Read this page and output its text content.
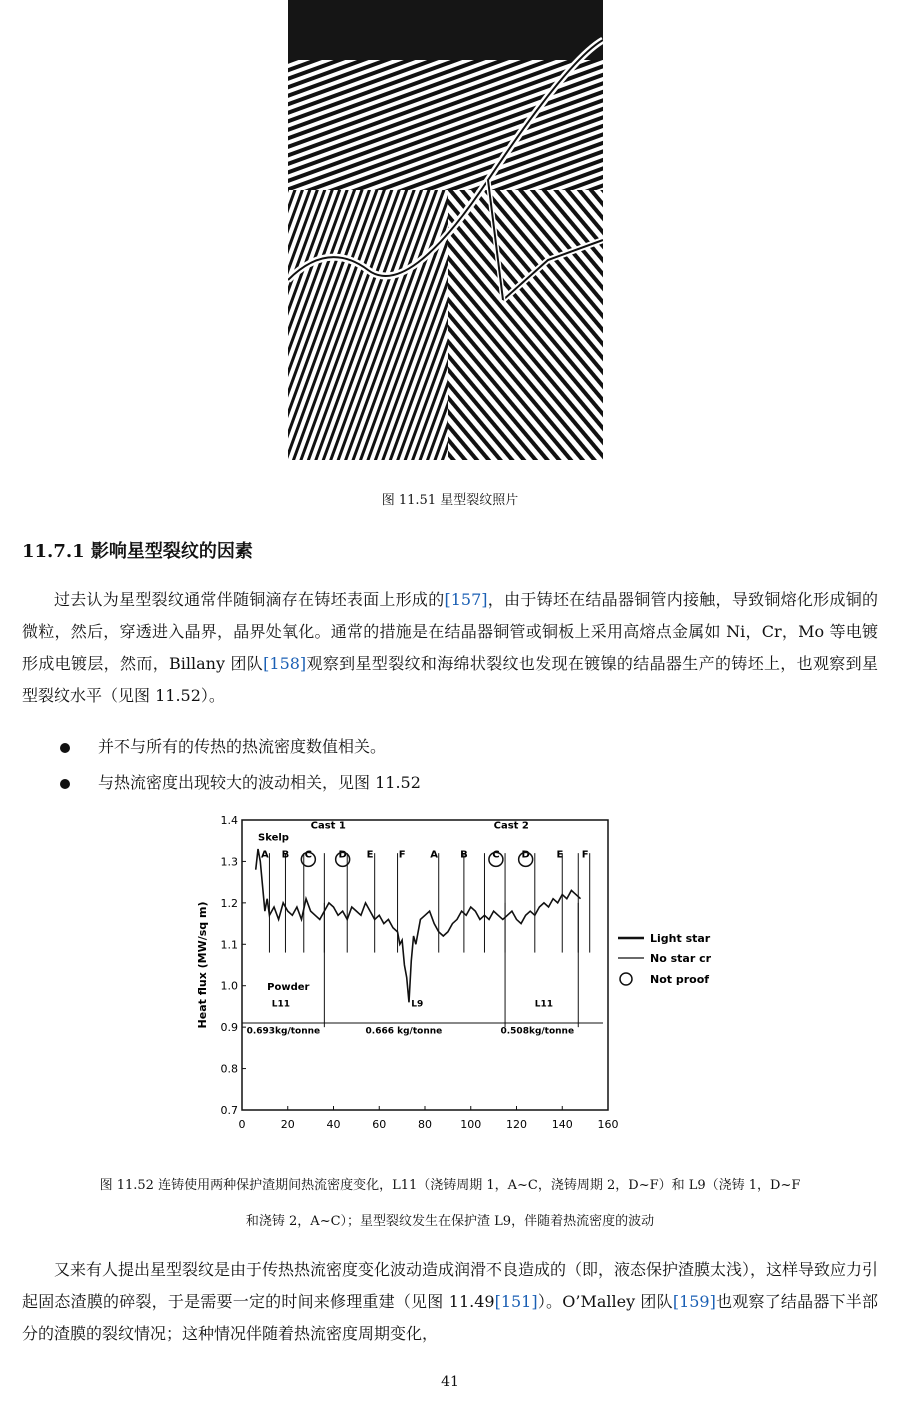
图 11.51 星型裂纹照片
11.7.1 影响星型裂纹的因素
过去认为星型裂纹通常伴随铜滴存在铸坯表面上形成的[157]，由于铸坯在结晶器铜管内接触，导致铜熔化形成铜的微粒，然后，穿透进入晶界，晶界处氧化。通常的措施是在结晶器铜管或铜板上采用高熔点金属如 Ni，Cr，Mo 等电镀形成电镀层，然而，Billany 团队[158]观察到星型裂纹和海绵状裂纹也发现在镀镍的结晶器生产的铸坯上，也观察到星型裂纹水平（见图 11.52）。
并不与所有的传热的热流密度数值相关。
与热流密度出现较大的波动相关，见图 11.52
0	20	40	60	80	100 120 140 160
0.7
0.8
0.9
1.0
1.1
1.2
1.3
1.4
Heat flux (MW/sq m)
Skelp
Cast 1	Cast 2
A B C	D E	F A B C D	E F
Powder
L11	L9	L11
0.693kg/tonne	0.666 kg/tonne	0.508kg/tonne
Light star
No star cr
Not proof
图 11.52 连铸使用两种保护渣期间热流密度变化，L11（浇铸周期 1，A~C，浇铸周期 2，D~F）和 L9（浇铸 1，D~F
和浇铸 2，A~C）；星型裂纹发生在保护渣 L9，伴随着热流密度的波动
又来有人提出星型裂纹是由于传热热流密度变化波动造成润滑不良造成的（即，液态保护渣膜太浅），这样导致应力引起固态渣膜的碎裂，于是需要一定的时间来修理重建（见图 11.49[151]）。O’Malley 团队[159]也观察了结晶器下半部分的渣膜的裂纹情况；这种情况伴随着热流密度周期变化，
41
